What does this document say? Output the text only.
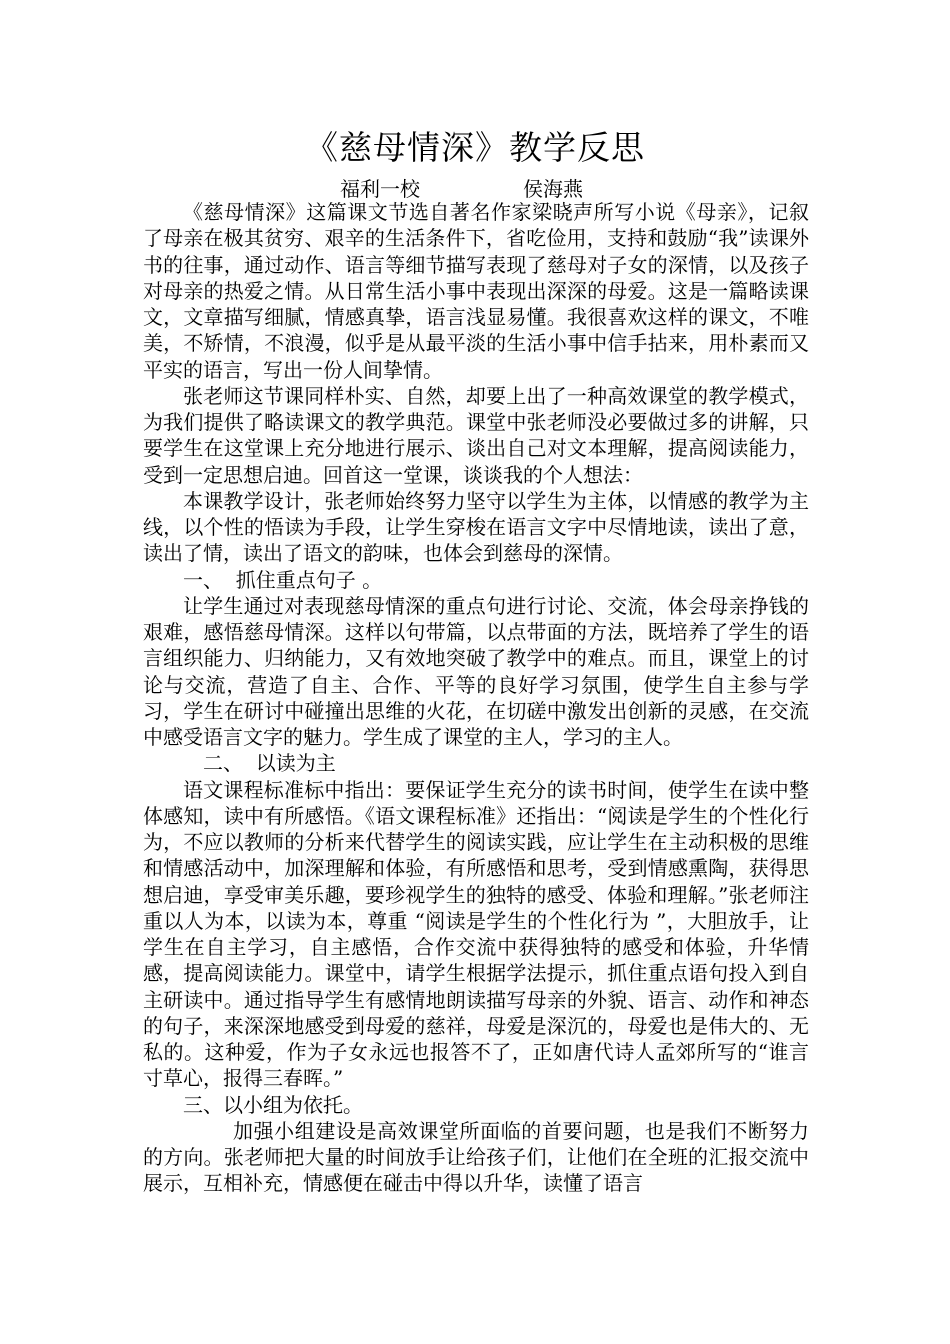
《慈母情深》教学反思
福利一校	侯海燕

《慈母情深》这篇课文节选自著名作家梁晓声所写小说《母亲》，记叙了母亲在极其贫穷、艰辛的生活条件下，省吃俭用，支持和鼓励“我”读课外书的往事，通过动作、语言等细节描写表现了慈母对子女的深情，以及孩子对母亲的热爱之情。从日常生活小事中表现出深深的母爱。这是一篇略读课文，文章描写细腻，情感真挚，语言浅显易懂。我很喜欢这样的课文，不唯美，不矫情，不浪漫，似乎是从最平淡的生活小事中信手拈来，用朴素而又平实的语言，写出一份人间挚情。

张老师这节课同样朴实、自然，却要上出了一种高效课堂的教学模式，为我们提供了略读课文的教学典范。课堂中张老师没必要做过多的讲解，只要学生在这堂课上充分地进行展示、谈出自己对文本理解，提高阅读能力，受到一定思想启迪。回首这一堂课，谈谈我的个人想法：

本课教学设计，张老师始终努力坚守以学生为主体，以情感的教学为主线，以个性的悟读为手段，让学生穿梭在语言文字中尽情地读，读出了意，读出了情，读出了语文的韵味，也体会到慈母的深情。

一、  抓住重点句子 。

让学生通过对表现慈母情深的重点句进行讨论、交流，体会母亲挣钱的艰难，感悟慈母情深。这样以句带篇，以点带面的方法，既培养了学生的语言组织能力、归纳能力，又有效地突破了教学中的难点。而且，课堂上的讨论与交流，营造了自主、合作、平等的良好学习氛围，使学生自主参与学习，学生在研讨中碰撞出思维的火花，在切磋中激发出创新的灵感，在交流中感受语言文字的魅力。学生成了课堂的主人，学习的主人。

二、  以读为主

语文课程标准标中指出：要保证学生充分的读书时间，使学生在读中整体感知，读中有所感悟。《语文课程标准》还指出：“阅读是学生的个性化行为，不应以教师的分析来代替学生的阅读实践，应让学生在主动积极的思维和情感活动中，加深理解和体验，有所感悟和思考，受到情感熏陶，获得思想启迪，享受审美乐趣，要珍视学生的独特的感受、体验和理解。”张老师注重以人为本，以读为本，尊重 “阅读是学生的个性化行为 ”，大胆放手，让学生在自主学习，自主感悟，合作交流中获得独特的感受和体验，升华情感，提高阅读能力。课堂中，请学生根据学法提示，抓住重点语句投入到自主研读中。通过指导学生有感情地朗读描写母亲的外貌、语言、动作和神态的句子，来深深地感受到母爱的慈祥，母爱是深沉的，母爱也是伟大的、无私的。这种爱，作为子女永远也报答不了，正如唐代诗人孟郊所写的“谁言寸草心，报得三春晖。”

三、以小组为依托。

加强小组建设是高效课堂所面临的首要问题，也是我们不断努力的方向。张老师把大量的时间放手让给孩子们，让他们在全班的汇报交流中展示，互相补充，情感便在碰击中得以升华，读懂了语言
